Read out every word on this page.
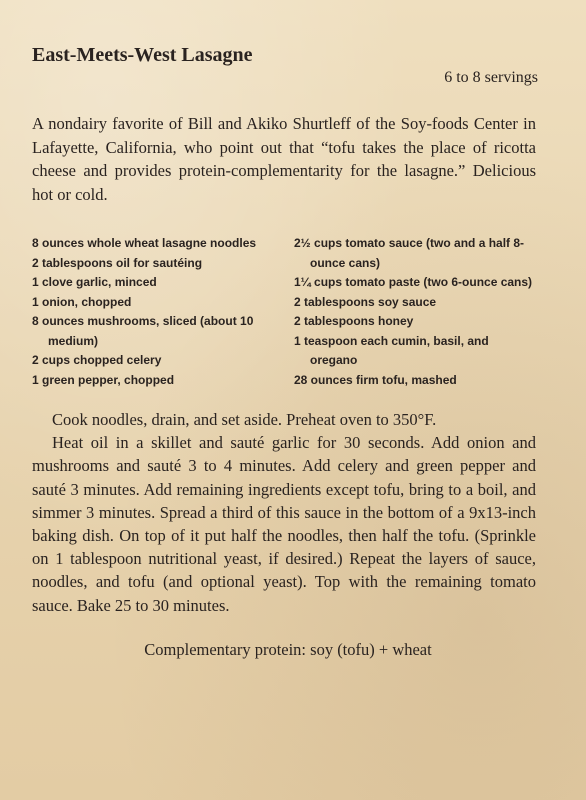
East-Meets-West Lasagne
6 to 8 servings
A nondairy favorite of Bill and Akiko Shurtleff of the Soy-foods Center in Lafayette, California, who point out that “tofu takes the place of ricotta cheese and provides protein-complementarity for the lasagne.” Delicious hot or cold.

8 ounces whole wheat lasagne noodles

2 tablespoons oil for sautéing

1 clove garlic, minced

1 onion, chopped

8 ounces mushrooms, sliced (about 10 medium)

2 cups chopped celery

1 green pepper, chopped

2½ cups tomato sauce (two and a half 8-ounce cans)

1¼ cups tomato paste (two 6-ounce cans)

2 tablespoons soy sauce

2 tablespoons honey

1 teaspoon each cumin, basil, and oregano

28 ounces firm tofu, mashed

Cook noodles, drain, and set aside. Preheat oven to 350°F.

Heat oil in a skillet and sauté garlic for 30 seconds. Add onion and mushrooms and sauté 3 to 4 minutes. Add celery and green pepper and sauté 3 minutes. Add remaining ingredients except tofu, bring to a boil, and simmer 3 minutes. Spread a third of this sauce in the bottom of a 9x13-inch baking dish. On top of it put half the noodles, then half the tofu. (Sprinkle on 1 tablespoon nutritional yeast, if desired.) Repeat the layers of sauce, noodles, and tofu (and optional yeast). Top with the remaining tomato sauce. Bake 25 to 30 minutes.

Complementary protein: soy (tofu) + wheat
